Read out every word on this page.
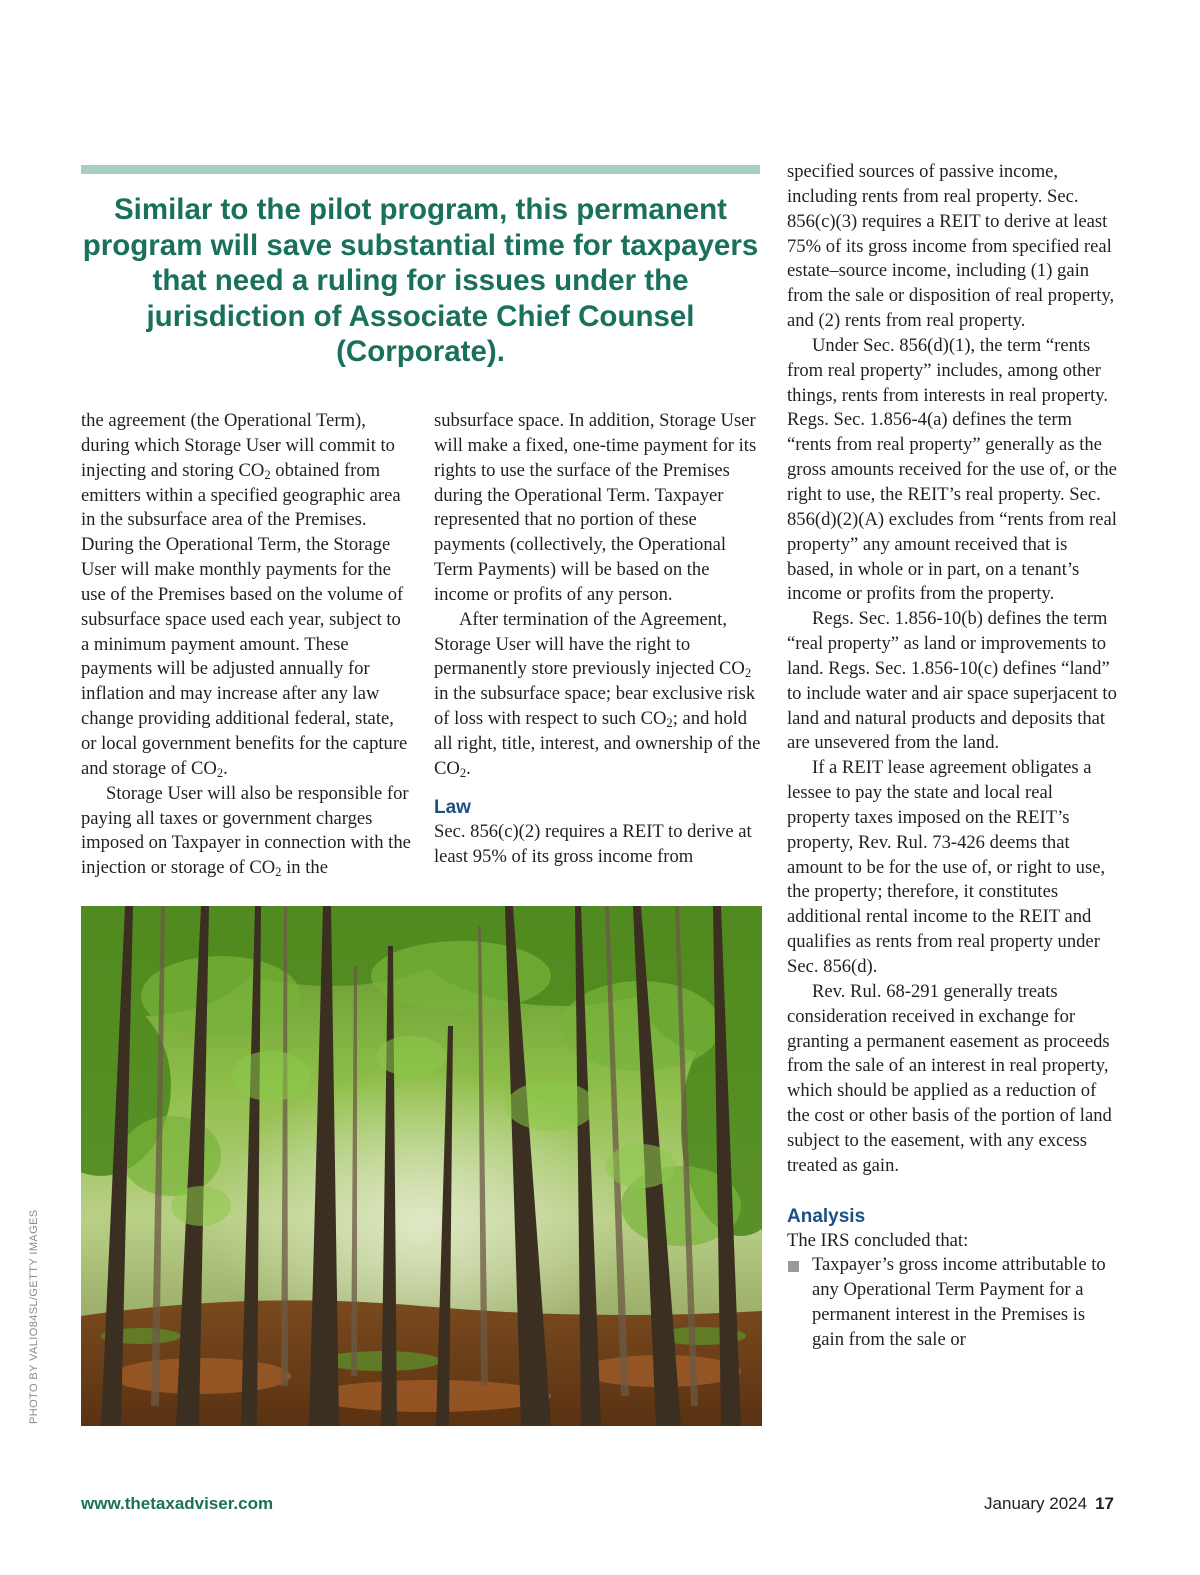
Similar to the pilot program, this permanent program will save substantial time for taxpayers that need a ruling for issues under the jurisdiction of Associate Chief Counsel (Corporate).

the agreement (the Operational Term), during which Storage User will commit to injecting and storing $CO_2$ obtained from emitters within a specified geographic area in the subsurface area of the Premises. During the Operational Term, the Storage User will make monthly payments for the use of the Premises based on the volume of subsurface space used each year, subject to a minimum payment amount. These payments will be adjusted annually for inflation and may increase after any law change providing additional federal, state, or local government benefits for the capture and storage of $CO_2$.

Storage User will also be responsible for paying all taxes or government charges imposed on Taxpayer in connection with the injection or storage of $CO_2$ in the

subsurface space. In addition, Storage User will make a fixed, one-time payment for its rights to use the surface of the Premises during the Operational Term. Taxpayer represented that no portion of these payments (collectively, the Operational Term Payments) will be based on the income or profits of any person.

After termination of the Agreement, Storage User will have the right to permanently store previously injected $CO_2$ in the subsurface space; bear exclusive risk of loss with respect to such $CO_2$; and hold all right, title, interest, and ownership of the $CO_2$.

Law

Sec. 856(c)(2) requires a REIT to derive at least 95% of its gross income from

specified sources of passive income, including rents from real property. Sec. 856(c)(3) requires a REIT to derive at least 75% of its gross income from specified real estate–source income, including (1) gain from the sale or disposition of real property, and (2) rents from real property.

Under Sec. 856(d)(1), the term “rents from real property” includes, among other things, rents from interests in real property. Regs. Sec. 1.856-4(a) defines the term “rents from real property” generally as the gross amounts received for the use of, or the right to use, the REIT’s real property. Sec. 856(d)(2)(A) excludes from “rents from real property” any amount received that is based, in whole or in part, on a tenant’s income or profits from the property.

Regs. Sec. 1.856-10(b) defines the term “real property” as land or improvements to land. Regs. Sec. 1.856-10(c) defines “land” to include water and air space superjacent to land and natural products and deposits that are unsevered from the land.

If a REIT lease agreement obligates a lessee to pay the state and local real property taxes imposed on the REIT’s property, Rev. Rul. 73-426 deems that amount to be for the use of, or right to use, the property; therefore, it constitutes additional rental income to the REIT and qualifies as rents from real property under Sec. 856(d).

Rev. Rul. 68-291 generally treats consideration received in exchange for granting a permanent easement as proceeds from the sale of an interest in real property, which should be applied as a reduction of the cost or other basis of the portion of land subject to the easement, with any excess treated as gain.

Analysis

The IRS concluded that:

Taxpayer’s gross income attributable to any Operational Term Payment for a permanent interest in the Premises is gain from the sale or

PHOTO BY VALIO84SL/GETTY IMAGES
www.thetaxadviser.com	January 2024 17
